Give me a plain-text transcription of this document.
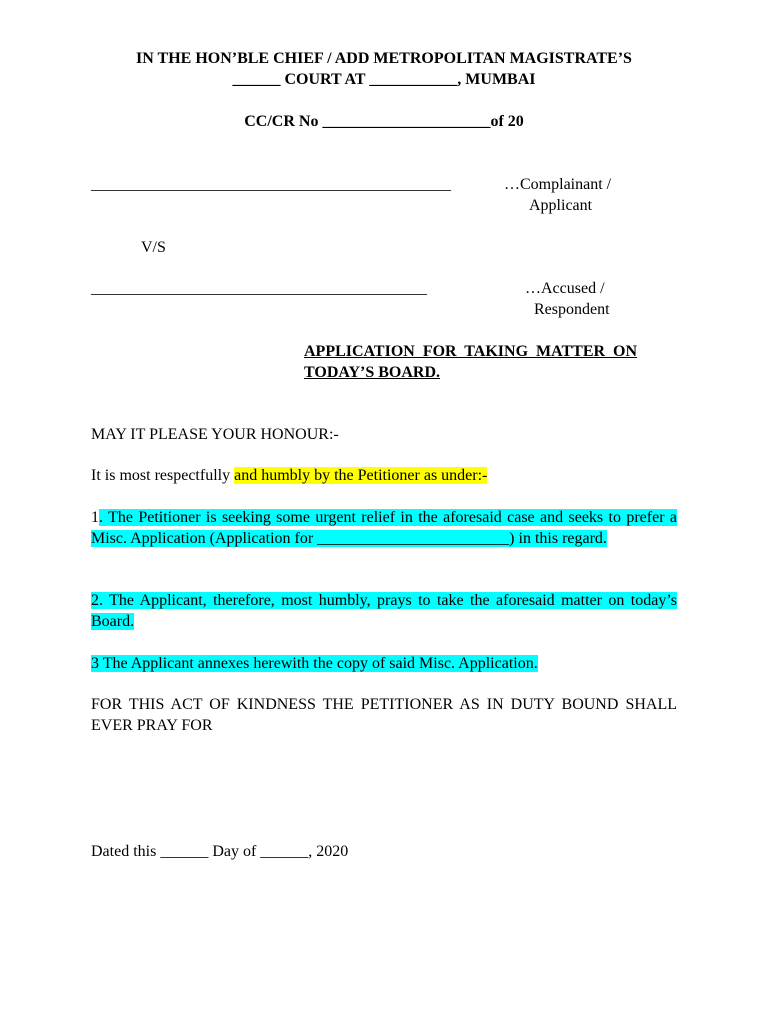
IN THE HON’BLE CHIEF / ADD METROPOLITAN MAGISTRATE’S
______ COURT AT ___________, MUMBAI
CC/CR No _____________________of 20
_____________________________________________	…Complainant /
Applicant
V/S
__________________________________________	…Accused /
Respondent
APPLICATION  FOR  TAKING  MATTER  ON
TODAY’S BOARD.
MAY IT PLEASE YOUR HONOUR:-
It is most respectfully and humbly by the Petitioner as under:-
1. The Petitioner is seeking some urgent relief in the aforesaid case and seeks to prefer a Misc. Application (Application for ________________________) in this regard.
2. The Applicant, therefore, most humbly, prays to take the aforesaid matter on today’s Board.
3 The Applicant annexes herewith the copy of said Misc. Application.
FOR THIS ACT OF KINDNESS THE PETITIONER AS IN DUTY BOUND SHALL EVER PRAY FOR
Dated this ______ Day of ______, 2020
